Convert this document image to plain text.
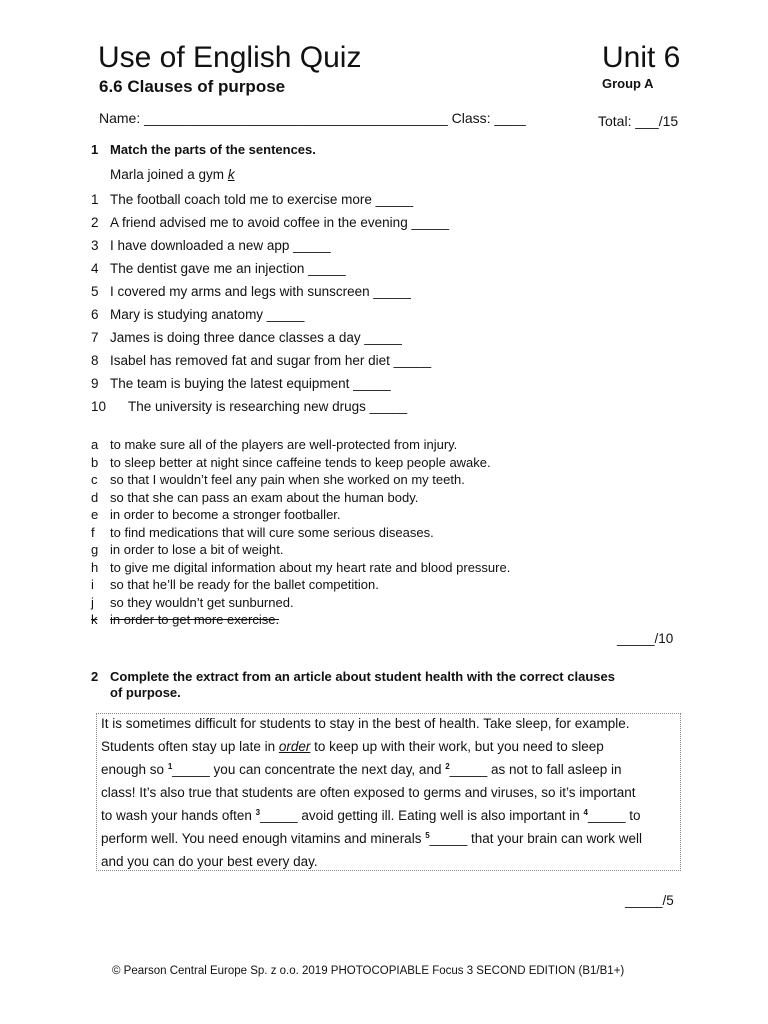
Use of English Quiz	Unit 6
6.6 Clauses of purpose	Group A
Name: _______________________________________ Class: ____	Total: ___/15
1 Match the parts of the sentences.
Marla joined a gym k
1 The football coach told me to exercise more _____
2 A friend advised me to avoid coffee in the evening _____
3 I have downloaded a new app _____
4 The dentist gave me an injection _____
5 I covered my arms and legs with sunscreen _____
6 Mary is studying anatomy _____
7 James is doing three dance classes a day _____
8 Isabel has removed fat and sugar from her diet _____
9 The team is buying the latest equipment _____
10 The university is researching new drugs _____
a to make sure all of the players are well-protected from injury.
b to sleep better at night since caffeine tends to keep people awake.
c so that I wouldn’t feel any pain when she worked on my teeth.
d so that she can pass an exam about the human body.
e in order to become a stronger footballer.
f to find medications that will cure some serious diseases.
g in order to lose a bit of weight.
h to give me digital information about my heart rate and blood pressure.
i so that he’ll be ready for the ballet competition.
j so they wouldn’t get sunburned.
k in order to get more exercise.
_____/10
2 Complete the extract from an article about student health with the correct clauses
of purpose.
It is sometimes difficult for students to stay in the best of health. Take sleep, for example.
Students often stay up late in order to keep up with their work, but you need to sleep
enough so $^1$_____ you can concentrate the next day, and $^2$_____ as not to fall asleep in
class! It’s also true that students are often exposed to germs and viruses, so it’s important
to wash your hands often $^3$_____ avoid getting ill. Eating well is also important in $^4$_____ to
perform well. You need enough vitamins and minerals $^5$_____ that your brain can work well
and you can do your best every day.
_____/5
© Pearson Central Europe Sp. z o.o. 2019 PHOTOCOPIABLE Focus 3 SECOND EDITION (B1/B1+)
